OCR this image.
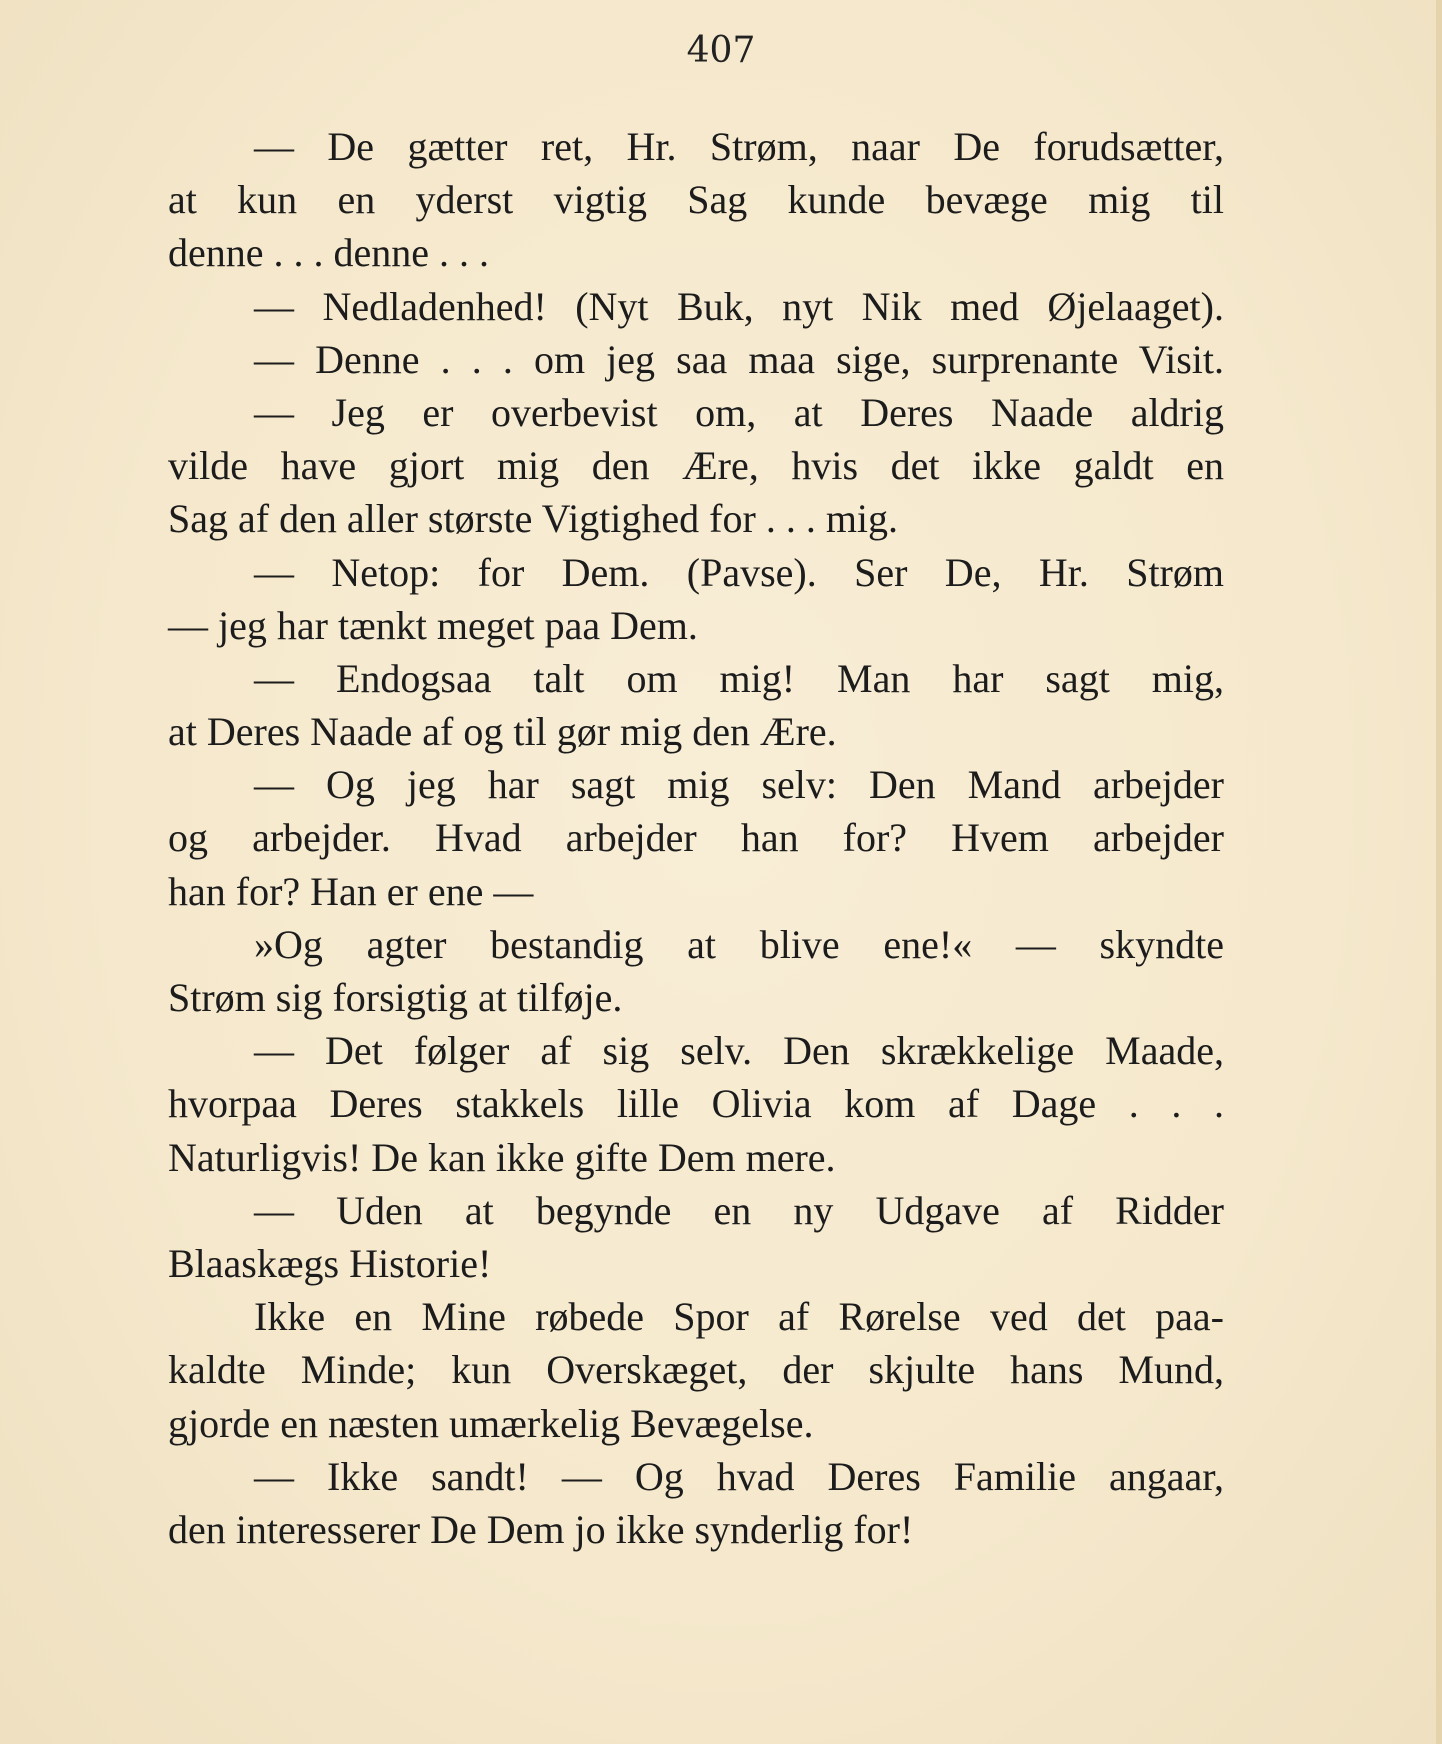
407
— De gætter ret, Hr. Strøm, naar De forudsætter,
at kun en yderst vigtig Sag kunde bevæge mig til
denne . . . denne . . .
— Nedladenhed! (Nyt Buk, nyt Nik med Øjelaaget).
— Denne . . . om jeg saa maa sige, surprenante Visit.
— Jeg er overbevist om, at Deres Naade aldrig
vilde have gjort mig den Ære, hvis det ikke galdt en
Sag af den aller største Vigtighed for . . . mig.
— Netop: for Dem. (Pavse). Ser De, Hr. Strøm
— jeg har tænkt meget paa Dem.
— Endogsaa talt om mig! Man har sagt mig,
at Deres Naade af og til gør mig den Ære.
— Og jeg har sagt mig selv: Den Mand arbejder
og arbejder. Hvad arbejder han for? Hvem arbejder
han for? Han er ene —
»Og agter bestandig at blive ene!« — skyndte
Strøm sig forsigtig at tilføje.
— Det følger af sig selv. Den skrækkelige Maade,
hvorpaa Deres stakkels lille Olivia kom af Dage . . .
Naturligvis! De kan ikke gifte Dem mere.
— Uden at begynde en ny Udgave af Ridder
Blaaskægs Historie!
Ikke en Mine røbede Spor af Rørelse ved det paa-
kaldte Minde; kun Overskæget, der skjulte hans Mund,
gjorde en næsten umærkelig Bevægelse.
— Ikke sandt! — Og hvad Deres Familie angaar,
den interesserer De Dem jo ikke synderlig for!
